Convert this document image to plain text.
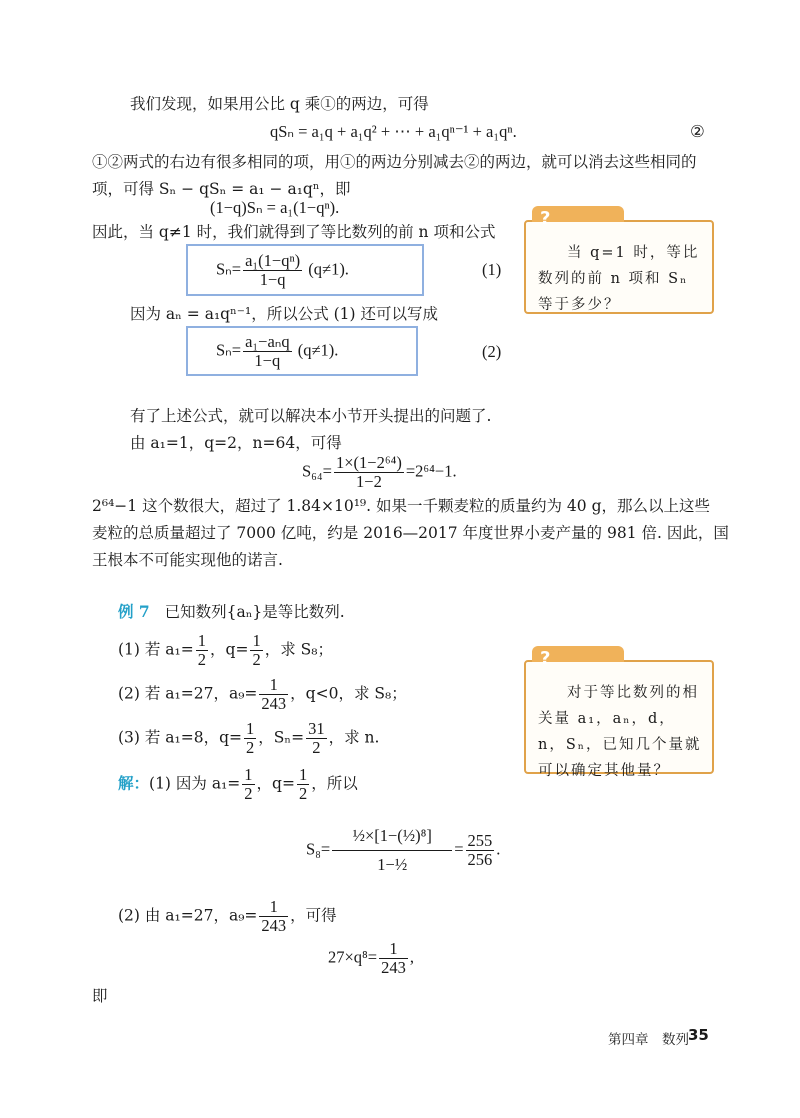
我们发现，如果用公比 q 乘①的两边，可得
qSₙ = a₁q + a₁q² + ⋯ + a₁qⁿ⁻¹ + a₁qⁿ.	②
①②两式的右边有很多相同的项，用①的两边分别减去②的两边，就可以消去这些相同的
项，可得 Sₙ − qSₙ = a₁ − a₁qⁿ，即
(1−q)Sₙ = a₁(1−qⁿ).
因此，当 q≠1 时，我们就得到了等比数列的前 n 项和公式
$S_n= \frac{\text{a₁(1−qⁿ)}}{1-q} (q\ne 1)$.	(1)
因为 aₙ = a₁qⁿ⁻¹，所以公式 (1) 还可以写成
$S_n= \frac{\text{a₁−aₙq}}{1-q} (q\ne 1)$.	(2)
?
当 q=1 时，等比数列的前 n 项和 Sₙ 等于多少？
有了上述公式，就可以解决本小节开头提出的问题了.
由 a₁=1，q=2，n=64，可得
$S_{64}= \frac{\text{1×(1−2⁶⁴)}}{1-2} =2^{64}-1$.
2⁶⁴−1 这个数很大，超过了 1.84×10¹⁹. 如果一千颗麦粒的质量约为 40 g，那么以上这些
麦粒的总质量超过了 7000 亿吨，约是 2016—2017 年度世界小麦产量的 981 倍. 因此，国
王根本不可能实现他的诺言.
例 7 已知数列{aₙ}是等比数列.
(1) 若 $a_1= \frac{1}{2}$ ，$q= \frac{1}{2}$ ，求 S₈；
(2) 若 a₁=27，$a_9= \frac{1}{243}$ ，q<0，求 S₈；
(3) 若 a₁=8，$q= \frac{1}{2}$ ，$S_n= \frac{31}{2}$ ，求 n.
?
对于等比数列的相关量 a₁，aₙ，d，n，Sₙ，已知几个量就可以确定其他量？
解：(1) 因为 $a_1= \frac{1}{2}$ ，$q= \frac{1}{2}$ ，所以
$S_8= \frac{\text{½×[1−(½)⁸]}}{\text{1−½}} = \frac{255}{256}$ .
(2) 由 a₁=27，$a_9= \frac{1}{243}$ ，可得
$27\times q^8= \frac{1}{243}$ ,
即
第四章　数列 35
